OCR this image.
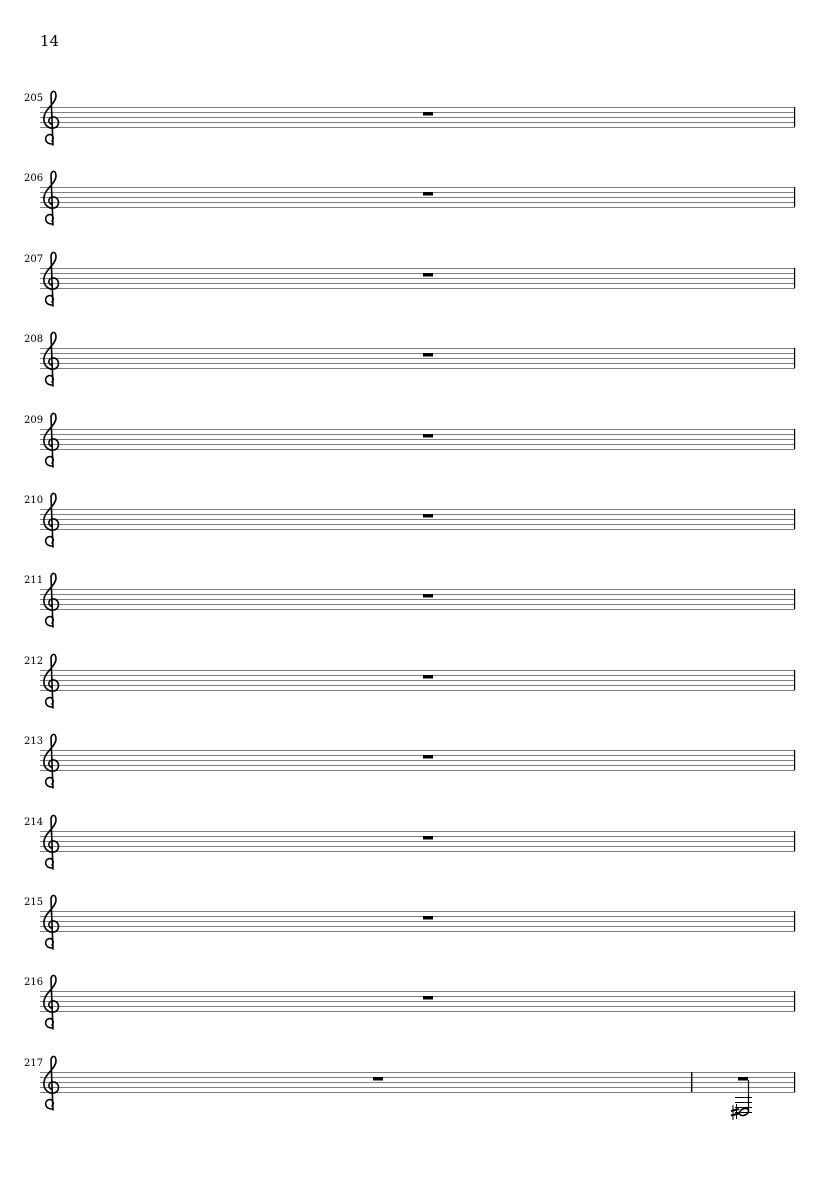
14
205
206
207
208
209
210
211
212
213
214
215
216
217
